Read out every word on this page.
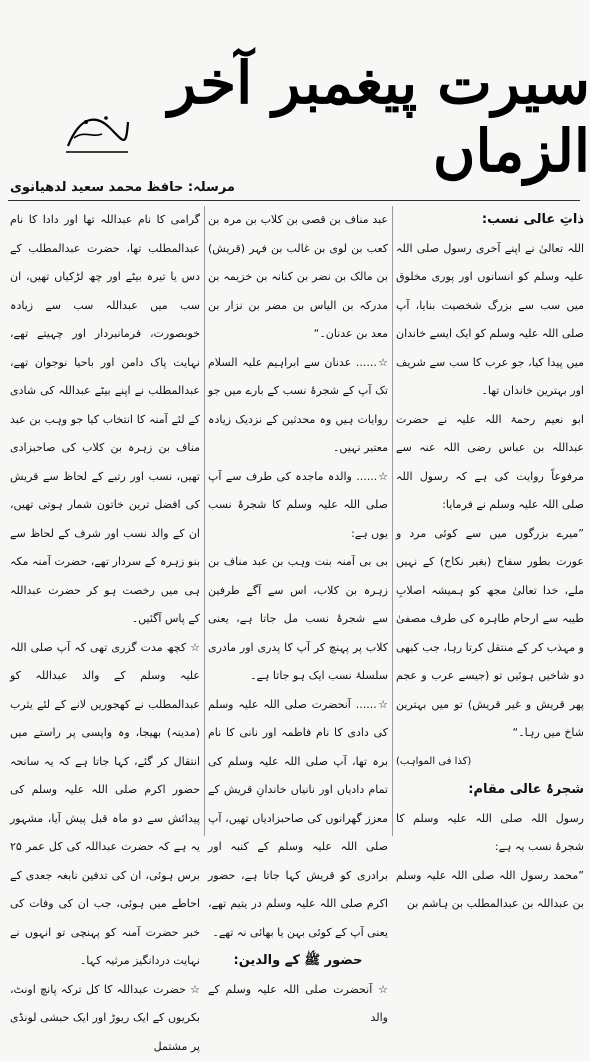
سیرت پیغمبر آخر الزماں
مرسلہ: حافظ محمد سعید لدھیانوی

ذاتِ عالی نسب:

اللہ تعالیٰ نے اپنے آخری رسول صلی اللہ علیہ وسلم کو انسانوں اور پوری مخلوق میں سب سے بزرگ شخصیت بنایا، آپ صلی اللہ علیہ وسلم کو ایک ایسے خاندان میں پیدا کیا، جو عرب کا سب سے شریف اور بہترین خاندان تھا۔

ابو نعیم رحمۃ اللہ علیہ نے حضرت عبداللہ بن عباس رضی اللہ عنہ سے مرفوعاً روایت کی ہے کہ رسول اللہ صلی اللہ علیہ وسلم نے فرمایا:

”میرے بزرگوں میں سے کوئی مرد و عورت بطور سفاح (بغیر نکاح) کے نہیں ملے، خدا تعالیٰ مجھ کو ہمیشہ اصلابِ طیبہ سے ارحام طاہرہ کی طرف مصفیٰ و مہذب کر کے منتقل کرتا رہا، جب کبھی دو شاخیں ہوئیں تو (جیسے عرب و عجم پھر قریش و غیر قریش) تو میں بہترین شاخ میں رہا۔“

(کذا فی المواہب)

شجرۂ عالی مقام:

رسول اللہ صلی اللہ علیہ وسلم کا شجرۂ نسب یہ ہے:

”محمد رسول اللہ صلی اللہ علیہ وسلم بن عبداللہ بن عبدالمطلب بن ہاشم بن

عبد مناف بن قصی بن کلاب بن مرہ بن کعب بن لوی بن غالب بن فہر (قریش) بن مالک بن نضر بن کنانہ بن خزیمہ بن مدرکہ بن الیاس بن مضر بن نزار بن معد بن عدنان۔“

☆...... عدنان سے ابراہیم علیہ السلام تک آپ کے شجرۂ نسب کے بارے میں جو روایات ہیں وہ محدثین کے نزدیک زیادہ معتبر نہیں۔

☆...... والدہ ماجدہ کی طرف سے آپ صلی اللہ علیہ وسلم کا شجرۂ نسب یوں ہے:

بی بی آمنہ بنت وہب بن عبد مناف بن زہرہ بن کلاب، اس سے آگے طرفین سے شجرۂ نسب مل جاتا ہے، یعنی کلاب پر پہنچ کر آپ کا پدری اور مادری سلسلۂ نسب ایک ہو جاتا ہے۔

☆...... آنحضرت صلی اللہ علیہ وسلم کی دادی کا نام فاطمہ اور نانی کا نام برہ تھا، آپ صلی اللہ علیہ وسلم کی تمام دادیاں اور نانیاں خاندانِ قریش کے معزز گھرانوں کی صاحبزادیاں تھیں، آپ صلی اللہ علیہ وسلم کے کنبہ اور برادری کو قریش کہا جاتا ہے، حضور اکرم صلی اللہ علیہ وسلم در یتیم تھے، یعنی آپ کے کوئی بہن یا بھائی نہ تھے۔

حضور ﷺ کے والدین:

☆ آنحضرت صلی اللہ علیہ وسلم کے والد

گرامی کا نام عبداللہ تھا اور دادا کا نام عبدالمطلب تھا، حضرت عبدالمطلب کے دس یا تیرہ بیٹے اور چھ لڑکیاں تھیں، ان سب میں عبداللہ سب سے زیادہ خوبصورت، فرمانبردار اور چہیتے تھے، نہایت پاک دامن اور باحیا نوجوان تھے، عبدالمطلب نے اپنے بیٹے عبداللہ کی شادی کے لئے آمنہ کا انتخاب کیا جو وہب بن عبد مناف بن زہرہ بن کلاب کی صاحبزادی تھیں، نسب اور رتبے کے لحاظ سے قریش کی افضل ترین خاتون شمار ہوتی تھیں، ان کے والد نسب اور شرف کے لحاظ سے بنو زہرہ کے سردار تھے، حضرت آمنہ مکہ ہی میں رخصت ہو کر حضرت عبداللہ کے پاس آگئیں۔

☆ کچھ مدت گزری تھی کہ آپ صلی اللہ علیہ وسلم کے والد عبداللہ کو عبدالمطلب نے کھجوریں لانے کے لئے یثرب (مدینہ) بھیجا، وہ واپسی پر راستے میں انتقال کر گئے، کہا جاتا ہے کہ یہ سانحہ حضور اکرم صلی اللہ علیہ وسلم کی پیدائش سے دو ماہ قبل پیش آیا، مشہور یہ ہے کہ حضرت عبداللہ کی کل عمر ۲۵ برس ہوئی، ان کی تدفین نابغہ جعدی کے احاطے میں ہوئی، جب ان کی وفات کی خبر حضرت آمنہ کو پہنچی تو انہوں نے نہایت دردانگیز مرثیہ کہا۔

☆ حضرت عبداللہ کا کل ترکہ پانچ اونٹ، بکریوں کے ایک ریوڑ اور ایک حبشی لونڈی پر مشتمل
